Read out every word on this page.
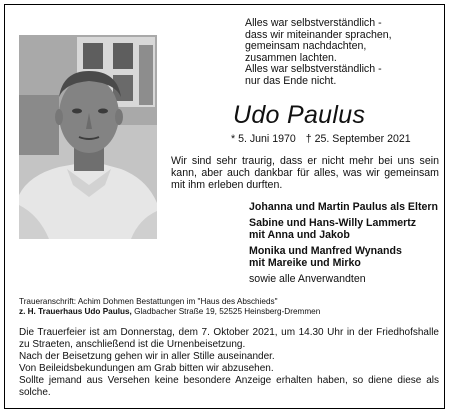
Alles war selbstverständlich -
dass wir miteinander sprachen,
gemeinsam nachdachten,
zusammen lachten.
Alles war selbstverständlich -
nur das Ende nicht.
Udo Paulus
* 5. Juni 1970 † 25. September 2021
Wir sind sehr traurig, dass er nicht mehr bei uns sein kann, aber auch dankbar für alles, was wir gemeinsam mit ihm erleben durften.
Johanna und Martin Paulus als Eltern
Sabine und Hans-Willy Lammertz
mit Anna und Jakob
Monika und Manfred Wynands
mit Mareike und Mirko
sowie alle Anverwandten
Traueranschrift: Achim Dohmen Bestattungen im "Haus des Abschieds"
z. H. Trauerhaus Udo Paulus, Gladbacher Straße 19, 52525 Heinsberg-Dremmen

Die Trauerfeier ist am Donnerstag, dem 7. Oktober 2021, um 14.30 Uhr in der Friedhofshalle zu Straeten, anschließend ist die Urnenbeisetzung.

Nach der Beisetzung gehen wir in aller Stille auseinander.

Von Beileidsbekundungen am Grab bitten wir abzusehen.

Sollte jemand aus Versehen keine besondere Anzeige erhalten haben, so diene diese als solche.
